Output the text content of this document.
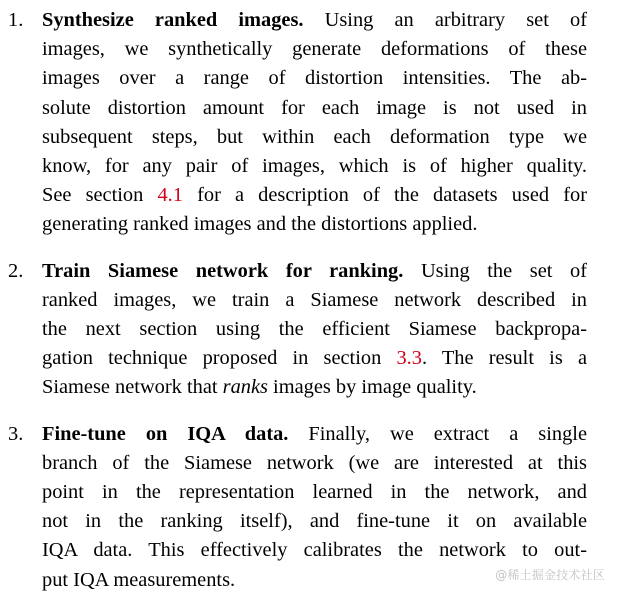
1. Synthesize ranked images. Using an arbitrary set of
images, we synthetically generate deformations of these
images over a range of distortion intensities. The ab-
solute distortion amount for each image is not used in
subsequent steps, but within each deformation type we
know, for any pair of images, which is of higher quality.
See section 4.1 for a description of the datasets used for
generating ranked images and the distortions applied.
2. Train Siamese network for ranking. Using the set of
ranked images, we train a Siamese network described in
the next section using the efficient Siamese backpropa-
gation technique proposed in section 3.3. The result is a
Siamese network that ranks images by image quality.
3. Fine-tune on IQA data. Finally, we extract a single
branch of the Siamese network (we are interested at this
point in the representation learned in the network, and
not in the ranking itself), and fine-tune it on available
IQA data. This effectively calibrates the network to out-
put IQA measurements.	@稀土掘金技术社区
